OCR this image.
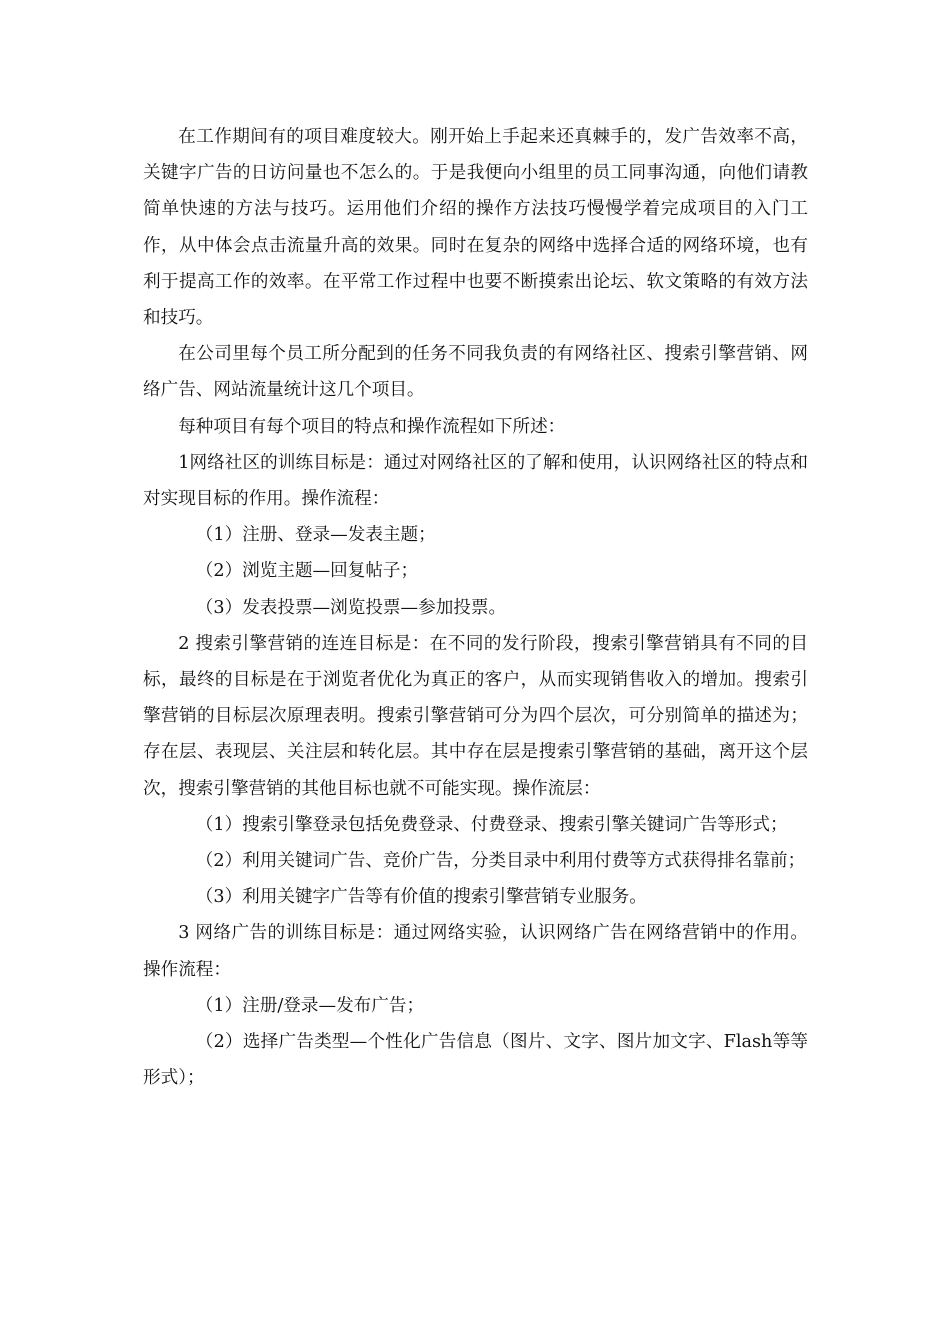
在工作期间有的项目难度较大。刚开始上手起来还真棘手的，发广告效率不高，关键字广告的日访问量也不怎么的。于是我便向小组里的员工同事沟通，向他们请教简单快速的方法与技巧。运用他们介绍的操作方法技巧慢慢学着完成项目的入门工作，从中体会点击流量升高的效果。同时在复杂的网络中选择合适的网络环境，也有利于提高工作的效率。在平常工作过程中也要不断摸索出论坛、软文策略的有效方法和技巧。

在公司里每个员工所分配到的任务不同我负责的有网络社区、搜索引擎营销、网络广告、网站流量统计这几个项目。

每种项目有每个项目的特点和操作流程如下所述：

1网络社区的训练目标是：通过对网络社区的了解和使用，认识网络社区的特点和对实现目标的作用。操作流程：

（1）注册、登录—发表主题；

（2）浏览主题—回复帖子；

（3）发表投票—浏览投票—参加投票。

2 搜索引擎营销的连连目标是：在不同的发行阶段，搜索引擎营销具有不同的目标，最终的目标是在于浏览者优化为真正的客户，从而实现销售收入的增加。搜索引擎营销的目标层次原理表明。搜索引擎营销可分为四个层次，可分别简单的描述为；存在层、表现层、关注层和转化层。其中存在层是搜索引擎营销的基础，离开这个层次，搜索引擎营销的其他目标也就不可能实现。操作流层：

（1）搜索引擎登录包括免费登录、付费登录、搜索引擎关键词广告等形式；

（2）利用关键词广告、竞价广告，分类目录中利用付费等方式获得排名靠前；

（3）利用关键字广告等有价值的搜索引擎营销专业服务。

3 网络广告的训练目标是：通过网络实验，认识网络广告在网络营销中的作用。操作流程：

（1）注册/登录—发布广告；

（2）选择广告类型—个性化广告信息（图片、文字、图片加文字、Flash等等形式）；
